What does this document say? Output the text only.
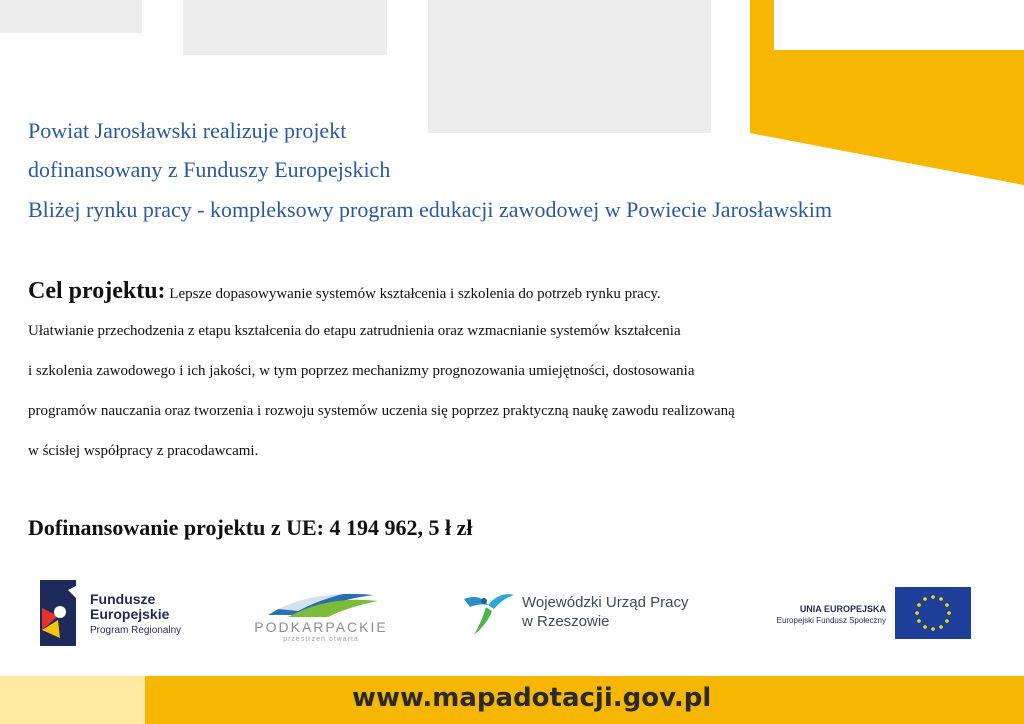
Powiat Jarosławski realizuje projekt
dofinansowany z Funduszy Europejskich
Bliżej rynku pracy - kompleksowy program edukacji zawodowej w Powiecie Jarosławskim
Cel projektu: Lepsze dopasowywanie systemów kształcenia i szkolenia do potrzeb rynku pracy.
Ułatwianie przechodzenia z etapu kształcenia do etapu zatrudnienia oraz wzmacnianie systemów kształcenia
i szkolenia zawodowego i ich jakości, w tym poprzez mechanizmy prognozowania umiejętności, dostosowania
programów nauczania oraz tworzenia i rozwoju systemów uczenia się poprzez praktyczną naukę zawodu realizowaną
w ścisłej współpracy z pracodawcami.
Dofinansowanie projektu z UE: 4 194 962, 5 ł zł
Fundusze
Europejskie
Program Regionalny	PODKARPACKIE
przestrzeń otwarta
Wojewódzki Urząd Pracy
w Rzeszowie
UNIA EUROPEJSKA
Europejski Fundusz Społeczny
www.mapadotacji.gov.pl
